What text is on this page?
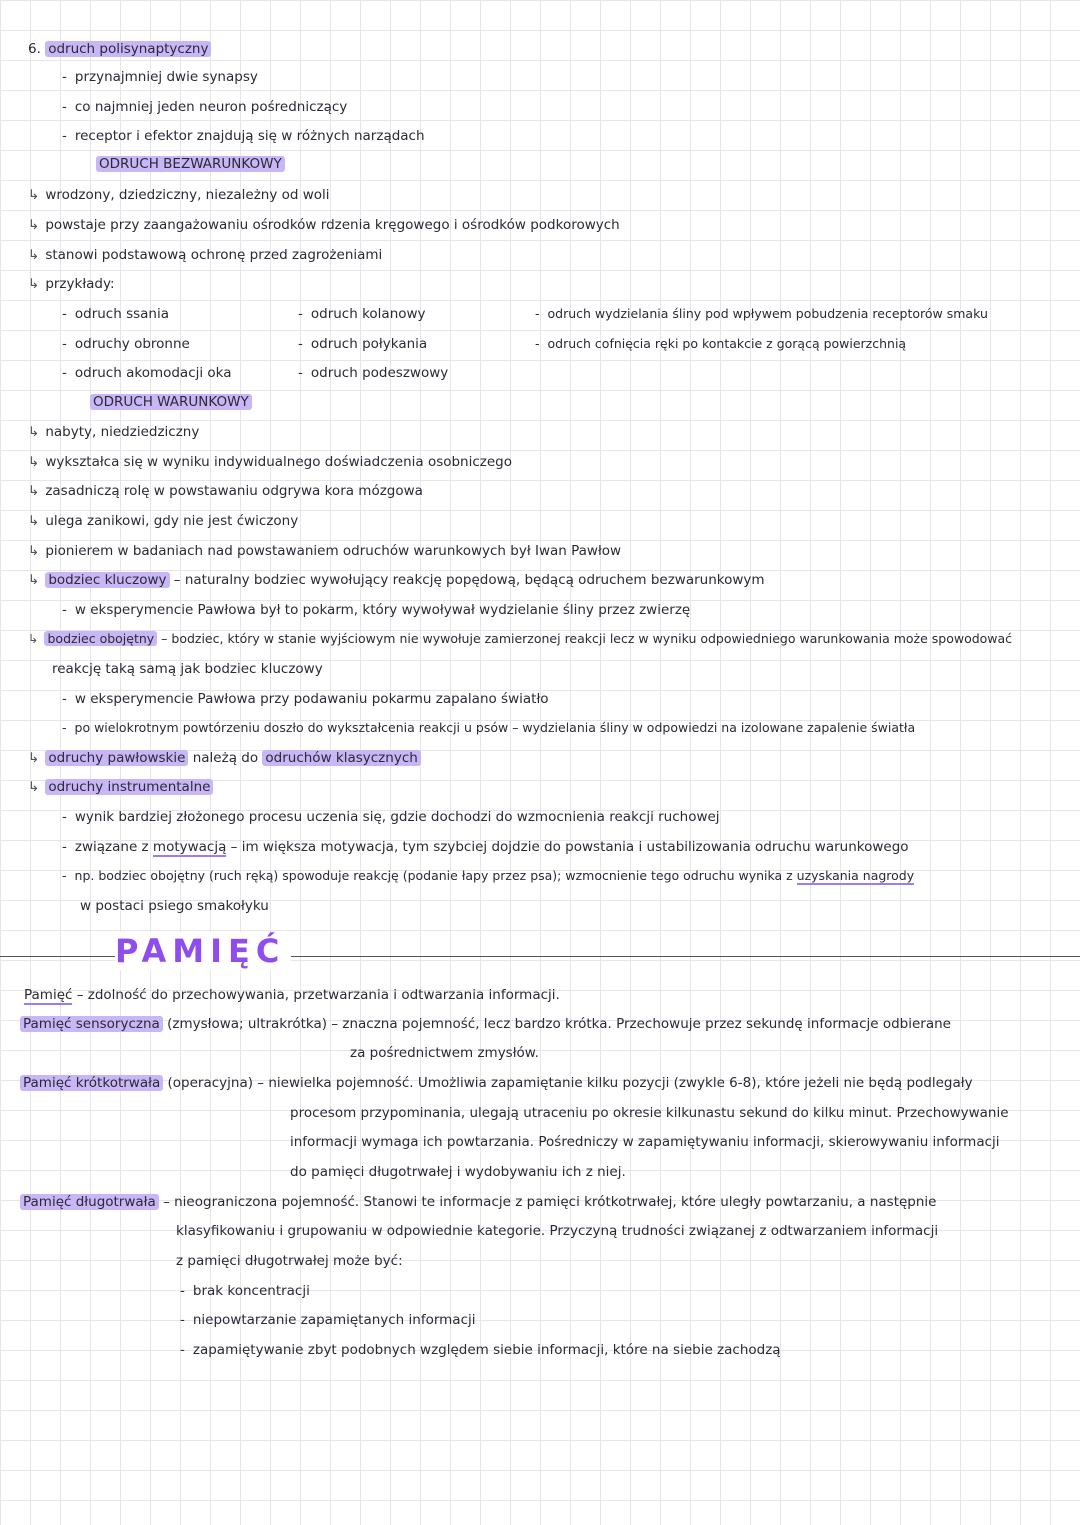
6. odruch polisynaptyczny
- przynajmniej dwie synapsy
- co najmniej jeden neuron pośredniczący
- receptor i efektor znajdują się w różnych narządach
ODRUCH BEZWARUNKOWY
↳ wrodzony, dziedziczny, niezależny od woli
↳ powstaje przy zaangażowaniu ośrodków rdzenia kręgowego i ośrodków podkorowych
↳ stanowi podstawową ochronę przed zagrożeniami
↳ przykłady:
- odruch ssania
- odruchy obronne
- odruch akomodacji oka
- odruch kolanowy
- odruch połykania
- odruch podeszwowy
- odruch wydzielania śliny pod wpływem pobudzenia receptorów smaku
- odruch cofnięcia ręki po kontakcie z gorącą powierzchnią
ODRUCH WARUNKOWY
↳ nabyty, niedziedziczny
↳ wykształca się w wyniku indywidualnego doświadczenia osobniczego
↳ zasadniczą rolę w powstawaniu odgrywa kora mózgowa
↳ ulega zanikowi, gdy nie jest ćwiczony
↳ pionierem w badaniach nad powstawaniem odruchów warunkowych był Iwan Pawłow
↳ bodziec kluczowy – naturalny bodziec wywołujący reakcję popędową, będącą odruchem bezwarunkowym
- w eksperymencie Pawłowa był to pokarm, który wywoływał wydzielanie śliny przez zwierzę
↳ bodziec obojętny – bodziec, który w stanie wyjściowym nie wywołuje zamierzonej reakcji lecz w wyniku odpowiedniego warunkowania może spowodować
reakcję taką samą jak bodziec kluczowy
- w eksperymencie Pawłowa przy podawaniu pokarmu zapalano światło
- po wielokrotnym powtórzeniu doszło do wykształcenia reakcji u psów – wydzielania śliny w odpowiedzi na izolowane zapalenie światła
↳ odruchy pawłowskie należą do odruchów klasycznych
↳ odruchy instrumentalne
- wynik bardziej złożonego procesu uczenia się, gdzie dochodzi do wzmocnienia reakcji ruchowej
- związane z motywacją – im większa motywacja, tym szybciej dojdzie do powstania i ustabilizowania odruchu warunkowego
- np. bodziec obojętny (ruch ręką) spowoduje reakcję (podanie łapy przez psa); wzmocnienie tego odruchu wynika z uzyskania nagrody
w postaci psiego smakołyku
PAMIĘĆ
Pamięć – zdolność do przechowywania, przetwarzania i odtwarzania informacji.
Pamięć sensoryczna (zmysłowa; ultrakrótka) – znaczna pojemność, lecz bardzo krótka. Przechowuje przez sekundę informacje odbierane
za pośrednictwem zmysłów.
Pamięć krótkotrwała (operacyjna) – niewielka pojemność. Umożliwia zapamiętanie kilku pozycji (zwykle 6-8), które jeżeli nie będą podlegały
procesom przypominania, ulegają utraceniu po okresie kilkunastu sekund do kilku minut. Przechowywanie
informacji wymaga ich powtarzania. Pośredniczy w zapamiętywaniu informacji, skierowywaniu informacji
do pamięci długotrwałej i wydobywaniu ich z niej.
Pamięć długotrwała – nieograniczona pojemność. Stanowi te informacje z pamięci krótkotrwałej, które uległy powtarzaniu, a następnie
klasyfikowaniu i grupowaniu w odpowiednie kategorie. Przyczyną trudności związanej z odtwarzaniem informacji
z pamięci długotrwałej może być:
- brak koncentracji
- niepowtarzanie zapamiętanych informacji
- zapamiętywanie zbyt podobnych względem siebie informacji, które na siebie zachodzą
